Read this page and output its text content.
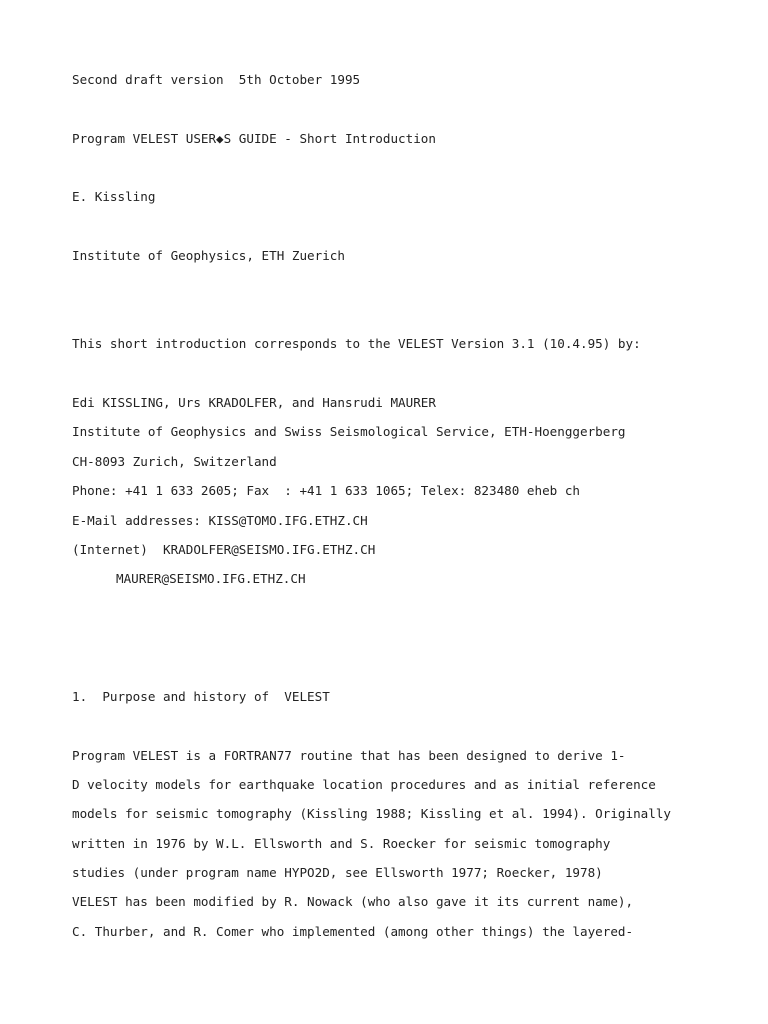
Second draft version  5th October 1995
Program VELEST USER◆S GUIDE - Short Introduction
E. Kissling
Institute of Geophysics, ETH Zuerich
This short introduction corresponds to the VELEST Version 3.1 (10.4.95) by:
Edi KISSLING, Urs KRADOLFER, and Hansrudi MAURER
Institute of Geophysics and Swiss Seismological Service, ETH-Hoenggerberg
CH-8093 Zurich, Switzerland
Phone: +41 1 633 2605; Fax  : +41 1 633 1065; Telex: 823480 eheb ch
E-Mail addresses: KISS@TOMO.IFG.ETHZ.CH
(Internet)  KRADOLFER@SEISMO.IFG.ETHZ.CH
MAURER@SEISMO.IFG.ETHZ.CH
1.  Purpose and history of  VELEST
Program VELEST is a FORTRAN77 routine that has been designed to derive 1-
D velocity models for earthquake location procedures and as initial reference
models for seismic tomography (Kissling 1988; Kissling et al. 1994). Originally
written in 1976 by W.L. Ellsworth and S. Roecker for seismic tomography
studies (under program name HYPO2D, see Ellsworth 1977; Roecker, 1978)
VELEST has been modified by R. Nowack (who also gave it its current name),
C. Thurber, and R. Comer who implemented (among other things) the layered-
